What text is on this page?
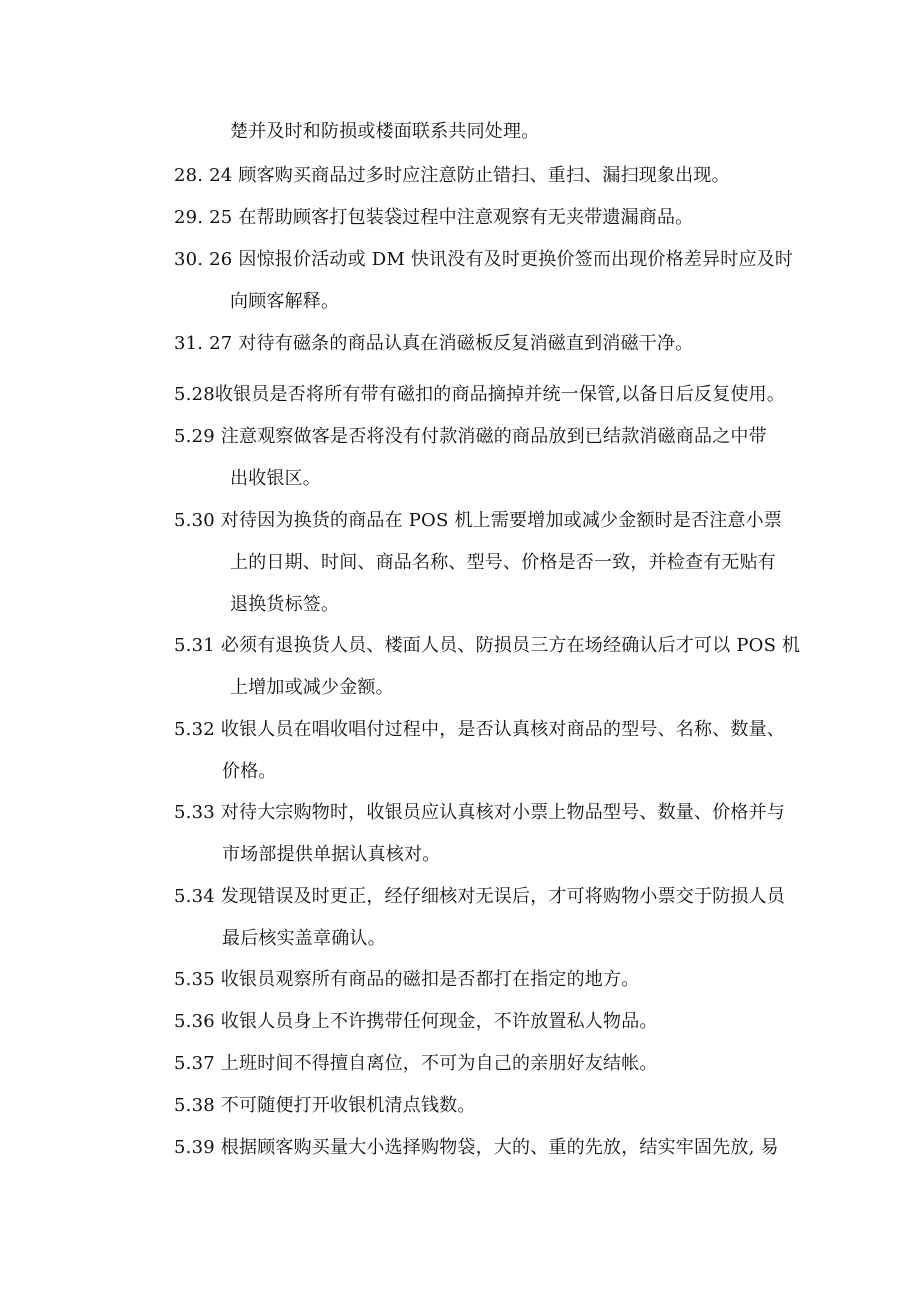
楚并及时和防损或楼面联系共同处理。
28. 24 顾客购买商品过多时应注意防止错扫、重扫、漏扫现象出现。
29. 25 在帮助顾客打包装袋过程中注意观察有无夹带遗漏商品。
30. 26 因惊报价活动或 DM 快讯没有及时更换价签而出现价格差异时应及时
向顾客解释。
31. 27 对待有磁条的商品认真在消磁板反复消磁直到消磁干净。
5.28收银员是否将所有带有磁扣的商品摘掉并统一保管,以备日后反复使用。
5.29 注意观察做客是否将没有付款消磁的商品放到已结款消磁商品之中带
出收银区。
5.30 对待因为换货的商品在 POS 机上需要增加或减少金额时是否注意小票
上的日期、时间、商品名称、型号、价格是否一致，并检查有无贴有
退换货标签。
5.31 必须有退换货人员、楼面人员、防损员三方在场经确认后才可以 POS 机
上增加或减少金额。
5.32 收银人员在唱收唱付过程中，是否认真核对商品的型号、名称、数量、
价格。
5.33 对待大宗购物时，收银员应认真核对小票上物品型号、数量、价格并与
市场部提供单据认真核对。
5.34 发现错误及时更正，经仔细核对无误后，才可将购物小票交于防损人员
最后核实盖章确认。
5.35 收银员观察所有商品的磁扣是否都打在指定的地方。
5.36 收银人员身上不许携带任何现金，不许放置私人物品。
5.37 上班时间不得擅自离位，不可为自己的亲朋好友结帐。
5.38 不可随便打开收银机清点钱数。
5.39 根据顾客购买量大小选择购物袋，大的、重的先放，结实牢固先放, 易
